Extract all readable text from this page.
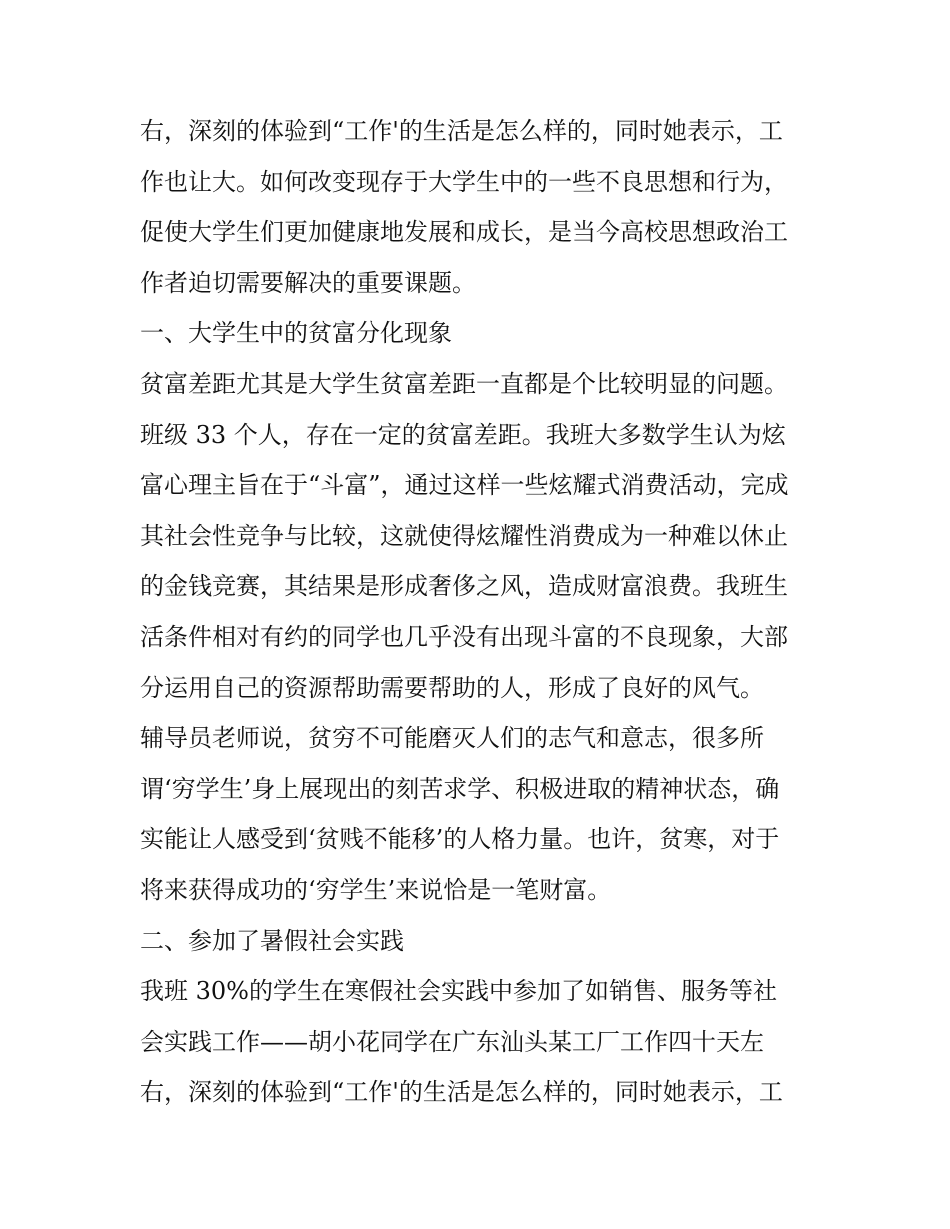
右，深刻的体验到“工作'的生活是怎么样的，同时她表示，工
作也让大。如何改变现存于大学生中的一些不良思想和行为，
促使大学生们更加健康地发展和成长，是当今高校思想政治工
作者迫切需要解决的重要课题。
一、大学生中的贫富分化现象
贫富差距尤其是大学生贫富差距一直都是个比较明显的问题。
班级 33 个人，存在一定的贫富差距。我班大多数学生认为炫
富心理主旨在于“斗富”，通过这样一些炫耀式消费活动，完成
其社会性竞争与比较，这就使得炫耀性消费成为一种难以休止
的金钱竞赛，其结果是形成奢侈之风，造成财富浪费。我班生
活条件相对有约的同学也几乎没有出现斗富的不良现象，大部
分运用自己的资源帮助需要帮助的人，形成了良好的风气。
辅导员老师说，贫穷不可能磨灭人们的志气和意志，很多所
谓‘穷学生’身上展现出的刻苦求学、积极进取的精神状态，确
实能让人感受到‘贫贱不能移’的人格力量。也许，贫寒，对于
将来获得成功的‘穷学生’来说恰是一笔财富。
二、参加了暑假社会实践
我班 30%的学生在寒假社会实践中参加了如销售、服务等社
会实践工作——胡小花同学在广东汕头某工厂工作四十天左
右，深刻的体验到“工作'的生活是怎么样的，同时她表示，工
